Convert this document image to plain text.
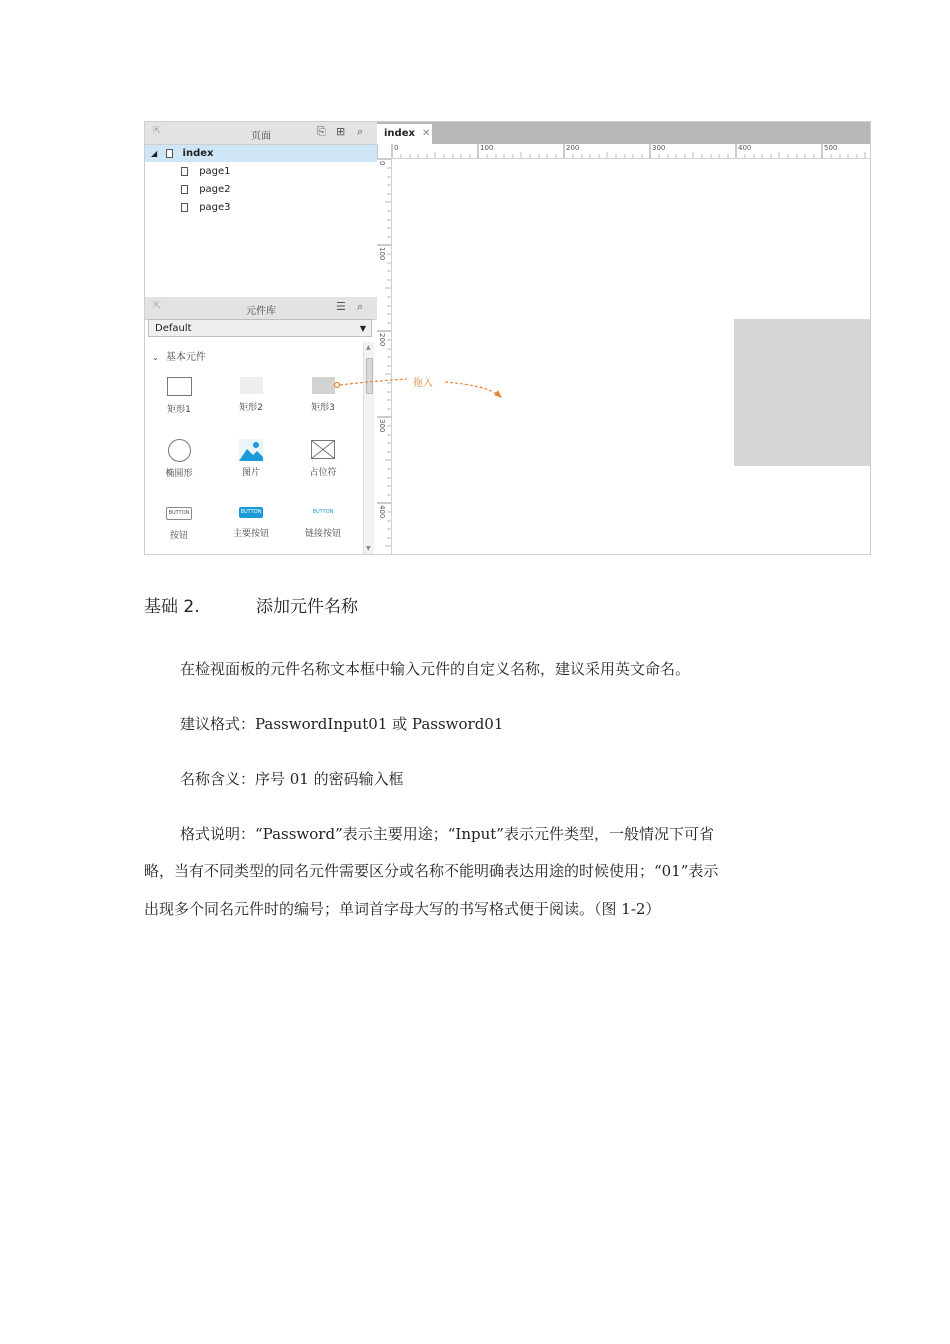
⇱	页面	⎘ ⊞ ⌕
◢	index
page1
page2
page3
⇱	元件库	☰ ⌕
Default	▼
⌄ 基本元件
矩形1	矩形2	矩形3
椭圆形	图片	占位符
BUTTON
按钮
BUTTON
主要按钮
BUTTON
链接按钮
▲
▼
index ✕
0	100	200	300	400	500
0
100
200
300
400
拖入
基础 2.	添加元件名称
在检视面板的元件名称文本框中输入元件的自定义名称，建议采用英文命名。
建议格式：PasswordInput01 或 Password01
名称含义：序号 01 的密码输入框
格式说明：“Password”表示主要用途；“Input”表示元件类型，一般情况下可省
略，当有不同类型的同名元件需要区分或名称不能明确表达用途的时候使用；“01”表示
出现多个同名元件时的编号；单词首字母大写的书写格式便于阅读。（图 1-2）
